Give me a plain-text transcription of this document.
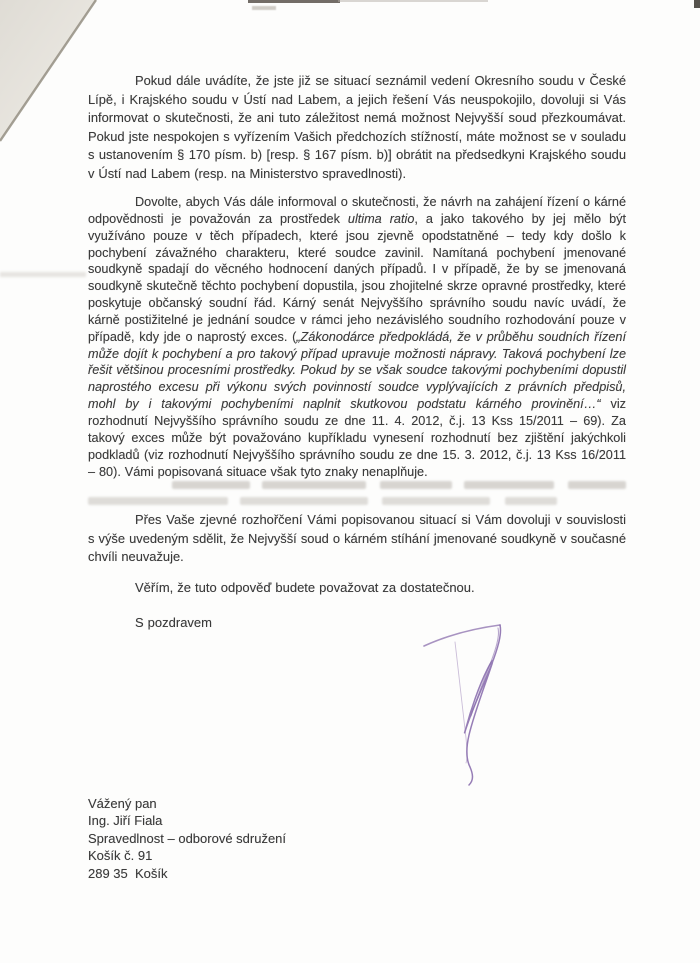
Pokud dále uvádíte, že jste již se situací seznámil vedení Okresního soudu v České Lípě, i Krajského soudu v Ústí nad Labem, a jejich řešení Vás neuspokojilo, dovoluji si Vás informovat o skutečnosti, že ani tuto záležitost nemá možnost Nejvyšší soud přezkoumávat. Pokud jste nespokojen s vyřízením Vašich předchozích stížností, máte možnost se v souladu s ustanovením § 170 písm. b) [resp. § 167 písm. b)] obrátit na předsedkyni Krajského soudu v Ústí nad Labem (resp. na Ministerstvo spravedlnosti).

Dovolte, abych Vás dále informoval o skutečnosti, že návrh na zahájení řízení o kárné odpovědnosti je považován za prostředek ultima ratio, a jako takového by jej mělo být využíváno pouze v těch případech, které jsou zjevně opodstatněné – tedy kdy došlo k pochybení závažného charakteru, které soudce zavinil. Namítaná pochybení jmenované soudkyně spadají do věcného hodnocení daných případů. I v případě, že by se jmenovaná soudkyně skutečně těchto pochybení dopustila, jsou zhojitelné skrze opravné prostředky, které poskytuje občanský soudní řád. Kárný senát Nejvyššího správního soudu navíc uvádí, že kárně postižitelné je jednání soudce v rámci jeho nezávislého soudního rozhodování pouze v případě, kdy jde o naprostý exces. („Zákonodárce předpokládá, že v průběhu soudních řízení může dojít k pochybení a pro takový případ upravuje možnosti nápravy. Taková pochybení lze řešit většinou procesními prostředky. Pokud by se však soudce takovými pochybeními dopustil naprostého excesu při výkonu svých povinností soudce vyplývajících z právních předpisů, mohl by i takovými pochybeními naplnit skutkovou podstatu kárného provinění…“ viz rozhodnutí Nejvyššího správního soudu ze dne 11. 4. 2012, č.j. 13 Kss 15/2011 – 69). Za takový exces může být považováno kupříkladu vynesení rozhodnutí bez zjištění jakýchkoli podkladů (viz rozhodnutí Nejvyššího správního soudu ze dne 15. 3. 2012, č.j. 13 Kss 16/2011 – 80). Vámi popisovaná situace však tyto znaky nenaplňuje.

Přes Vaše zjevné rozhořčení Vámi popisovanou situací si Vám dovoluji v souvislosti s výše uvedeným sdělit, že Nejvyšší soud o kárném stíhání jmenované soudkyně v současné chvíli neuvažuje.

Věřím, že tuto odpověď budete považovat za dostatečnou.

S pozdravem

Vážený pan
Ing. Jiří Fiala
Spravedlnost – odborové sdružení
Košík č. 91
289 35  Košík
